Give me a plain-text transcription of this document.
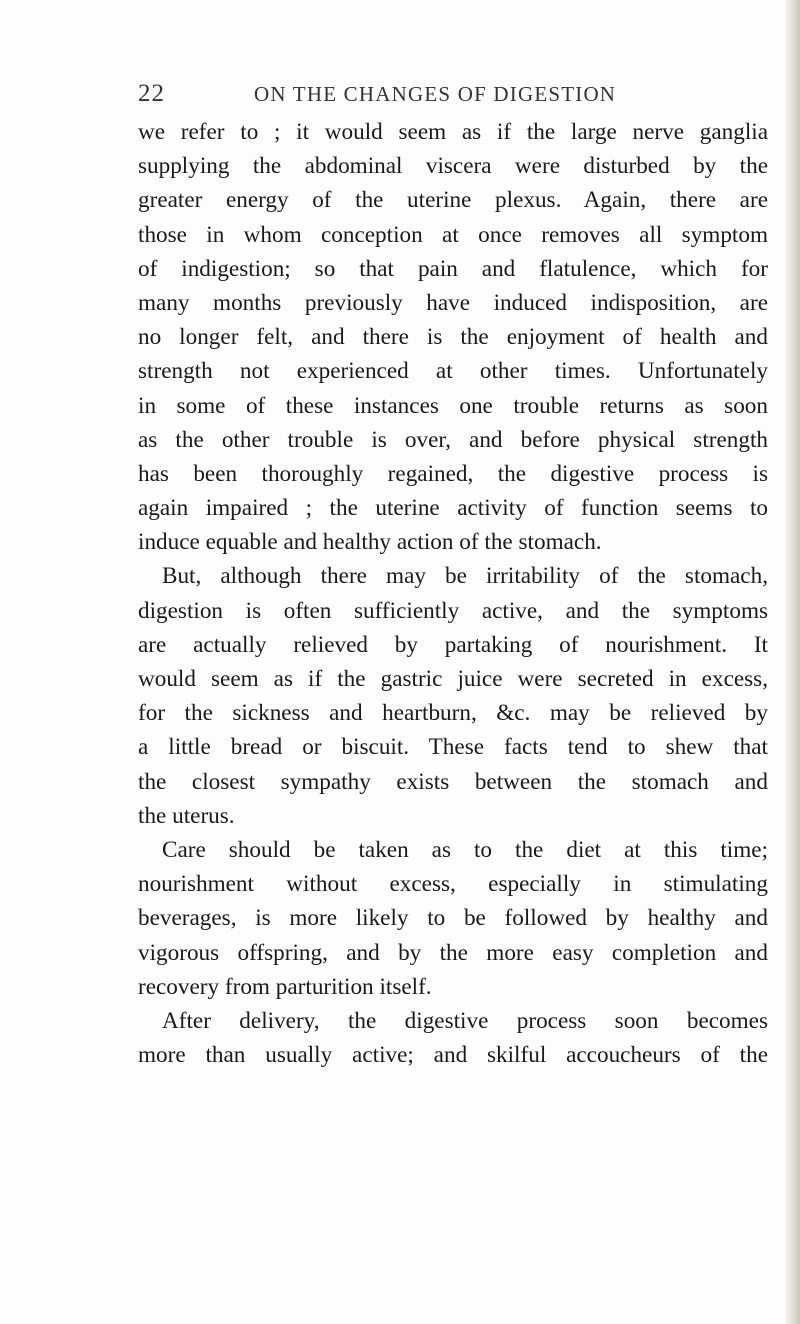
22	ON THE CHANGES OF DIGESTION
we refer to ; it would seem as if the large nerve ganglia
supplying the abdominal viscera were disturbed by the
greater energy of the uterine plexus. Again, there are
those in whom conception at once removes all symptom
of indigestion; so that pain and flatulence, which for
many months previously have induced indisposition, are
no longer felt, and there is the enjoyment of health and
strength not experienced at other times. Unfortunately
in some of these instances one trouble returns as soon
as the other trouble is over, and before physical strength
has been thoroughly regained, the digestive process is
again impaired ; the uterine activity of function seems to
induce equable and healthy action of the stomach.
But, although there may be irritability of the stomach,
digestion is often sufficiently active, and the symptoms
are actually relieved by partaking of nourishment. It
would seem as if the gastric juice were secreted in excess,
for the sickness and heartburn, &c. may be relieved by
a little bread or biscuit. These facts tend to shew that
the closest sympathy exists between the stomach and
the uterus.
Care should be taken as to the diet at this time;
nourishment without excess, especially in stimulating
beverages, is more likely to be followed by healthy and
vigorous offspring, and by the more easy completion and
recovery from parturition itself.
After delivery, the digestive process soon becomes
more than usually active; and skilful accoucheurs of the
